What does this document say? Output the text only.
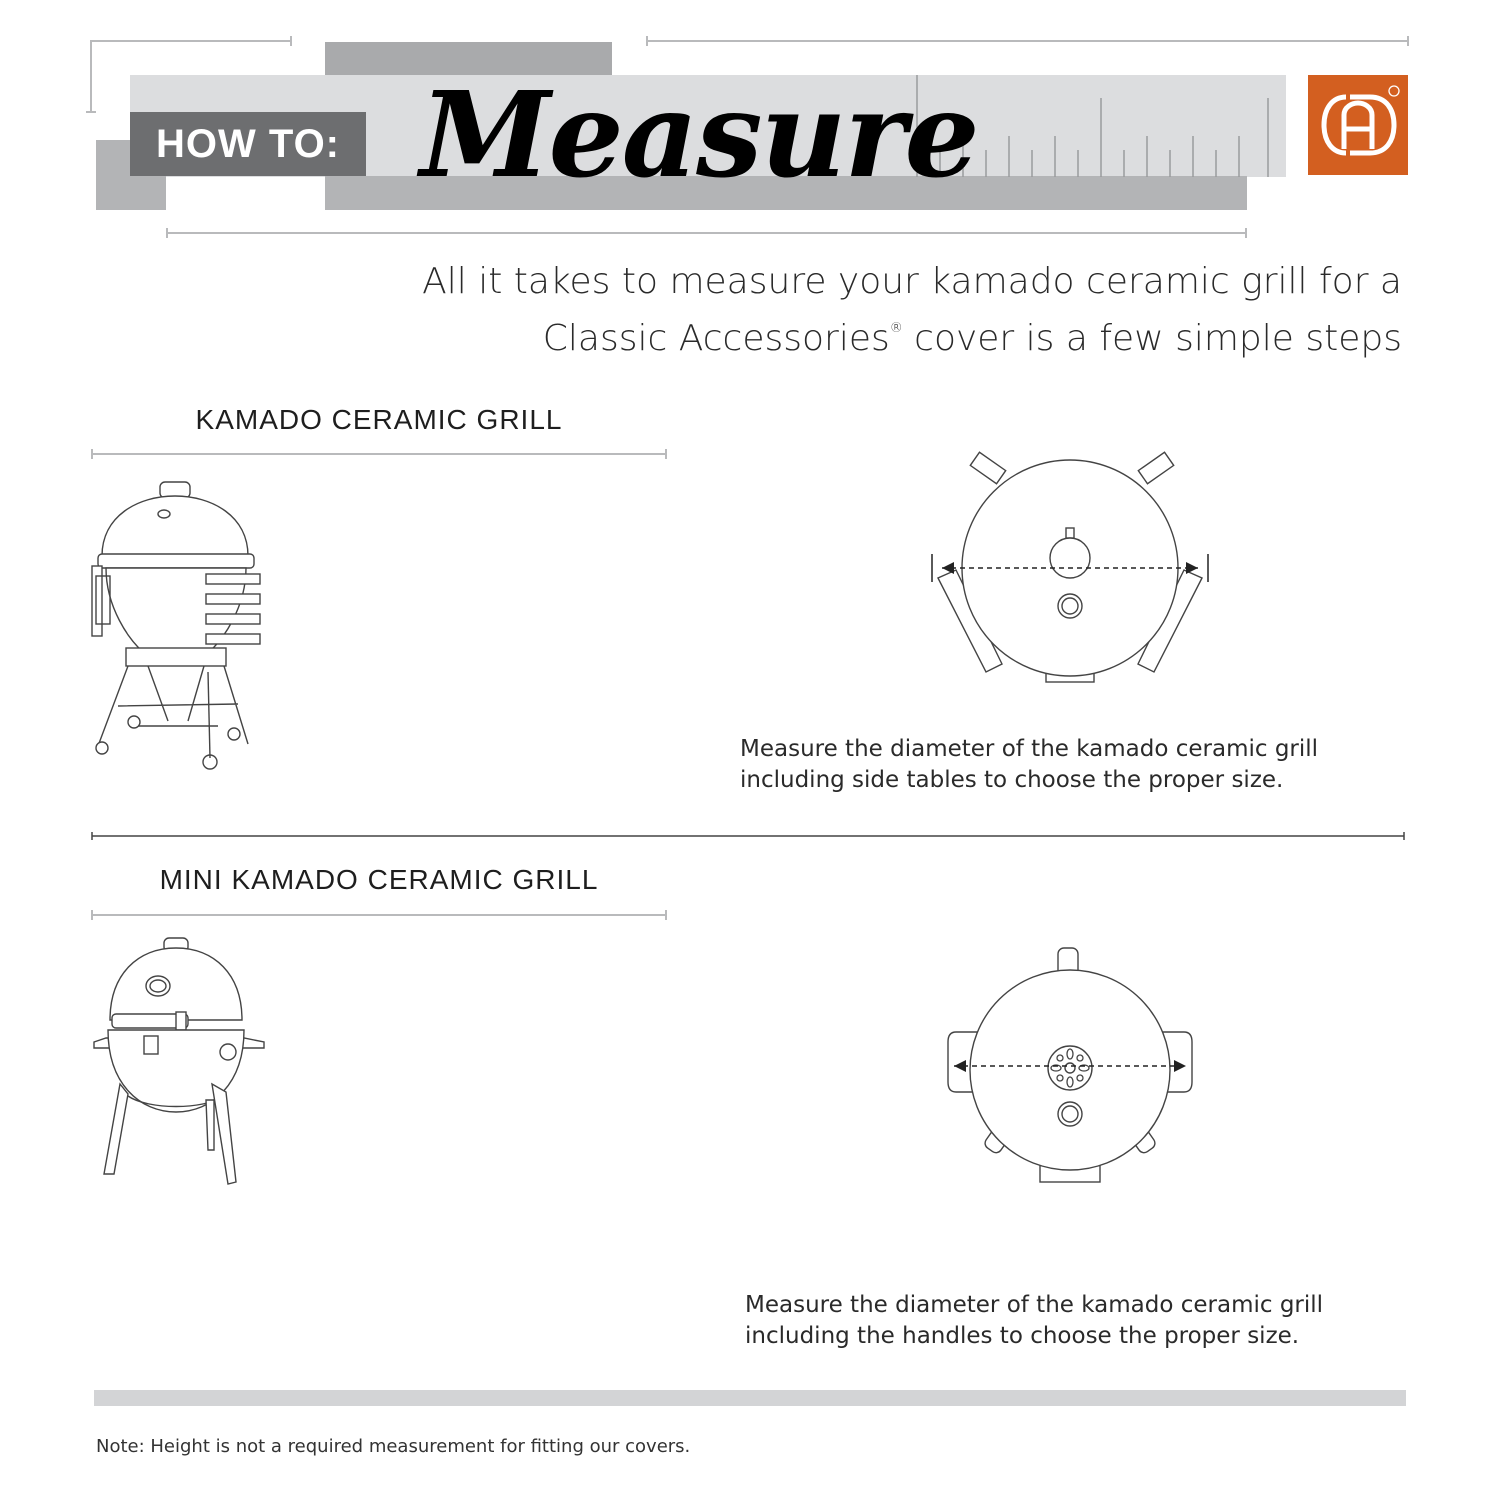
HOW TO: Measure
All it takes to measure your kamado ceramic grill for a
Classic Accessories® cover is a few simple steps
KAMADO CERAMIC GRILL
Measure the diameter of the kamado ceramic grill
including side tables to choose the proper size.
MINI KAMADO CERAMIC GRILL
Measure the diameter of the kamado ceramic grill
including the handles to choose the proper size.
Note: Height is not a required measurement for fitting our covers.
